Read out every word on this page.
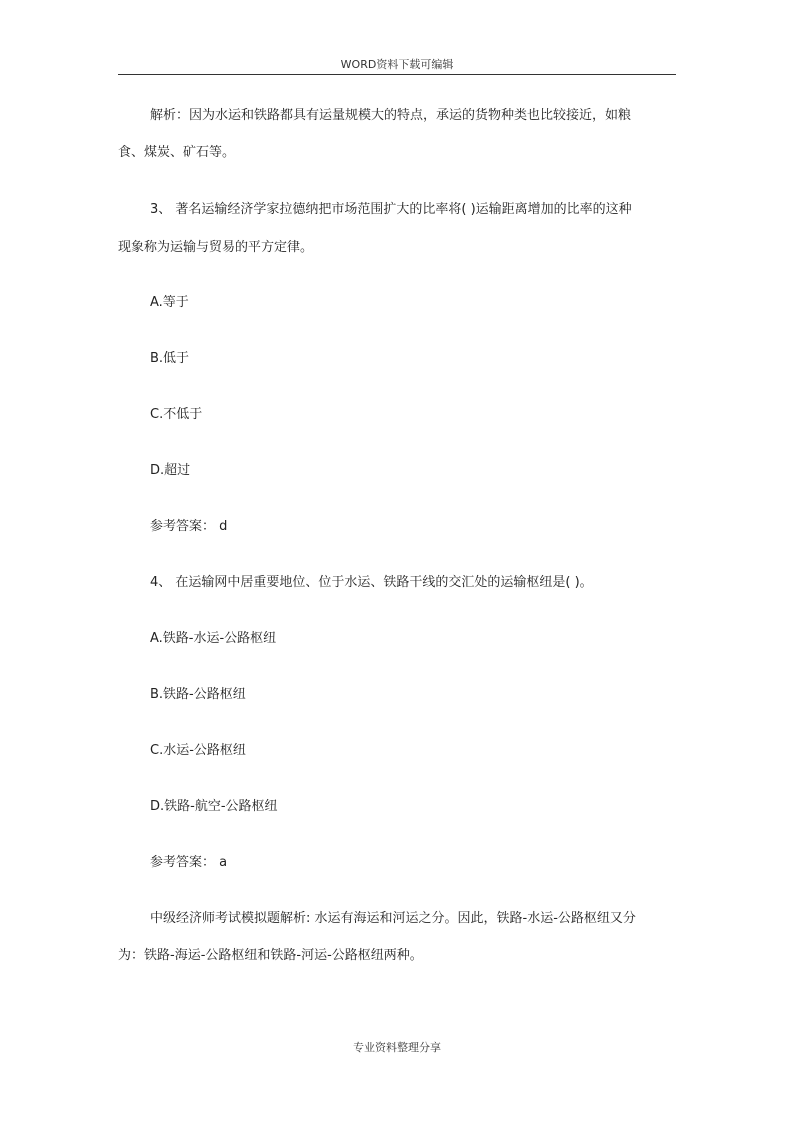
WORD资料下载可编辑
解析：因为水运和铁路都具有运量规模大的特点，承运的货物种类也比较接近，如粮
食、煤炭、矿石等。
3、 著名运输经济学家拉德纳把市场范围扩大的比率将( )运输距离增加的比率的这种
现象称为运输与贸易的平方定律。
A.等于
B.低于
C.不低于
D.超过
参考答案： d
4、 在运输网中居重要地位、位于水运、铁路干线的交汇处的运输枢纽是( )。
A.铁路-水运-公路枢纽
B.铁路-公路枢纽
C.水运-公路枢纽
D.铁路-航空-公路枢纽
参考答案： a
中级经济师考试模拟题解析: 水运有海运和河运之分。因此，铁路-水运-公路枢纽又分
为：铁路-海运-公路枢纽和铁路-河运-公路枢纽两种。
专业资料整理分享
